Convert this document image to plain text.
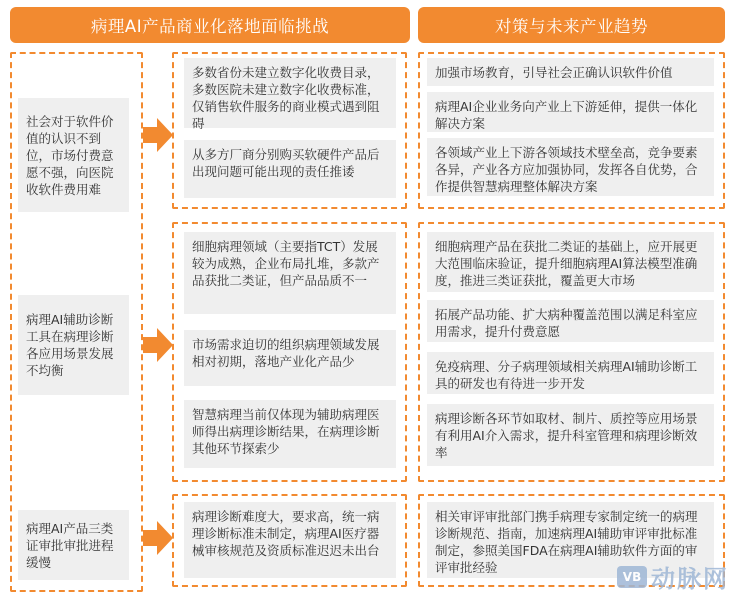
病理AI产品商业化落地面临挑战	对策与未来产业趋势
社会对于软件价值的认识不到位，市场付费意愿不强，向医院收软件费用难
病理AI辅助诊断工具在病理诊断各应用场景发展不均衡
病理AI产品三类证审批审批进程缓慢
多数省份未建立数字化收费目录，多数医院未建立数字化收费标准，仅销售软件服务的商业模式遇到阻碍
从多方厂商分别购买软硬件产品后出现问题可能出现的责任推诿
加强市场教育，引导社会正确认识软件价值
病理AI企业业务向产业上下游延伸，提供一体化解决方案
各领域产业上下游各领域技术壁垒高，竞争要素各异，产业各方应加强协同，发挥各自优势，合作提供智慧病理整体解决方案
细胞病理领域（主要指TCT）发展较为成熟，企业布局扎堆，多款产品获批二类证，但产品品质不一
市场需求迫切的组织病理领域发展相对初期，落地产业化产品少
智慧病理当前仅体现为辅助病理医师得出病理诊断结果，在病理诊断其他环节探索少
细胞病理产品在获批二类证的基础上，应开展更大范围临床验证，提升细胞病理AI算法模型准确度，推进三类证获批，覆盖更大市场
拓展产品功能、扩大病种覆盖范围以满足科室应用需求，提升付费意愿
免疫病理、分子病理领域相关病理AI辅助诊断工具的研发也有待进一步开发
病理诊断各环节如取材、制片、质控等应用场景有利用AI介入需求，提升科室管理和病理诊断效率
病理诊断难度大，要求高，统一病理诊断标准未制定，病理AI医疗器械审核规范及资质标准迟迟未出台
相关审评审批部门携手病理专家制定统一的病理诊断规范、指南，加速病理AI辅助审评审批标准制定，参照美国FDA在病理AI辅助软件方面的审评审批经验
VB 动脉网
